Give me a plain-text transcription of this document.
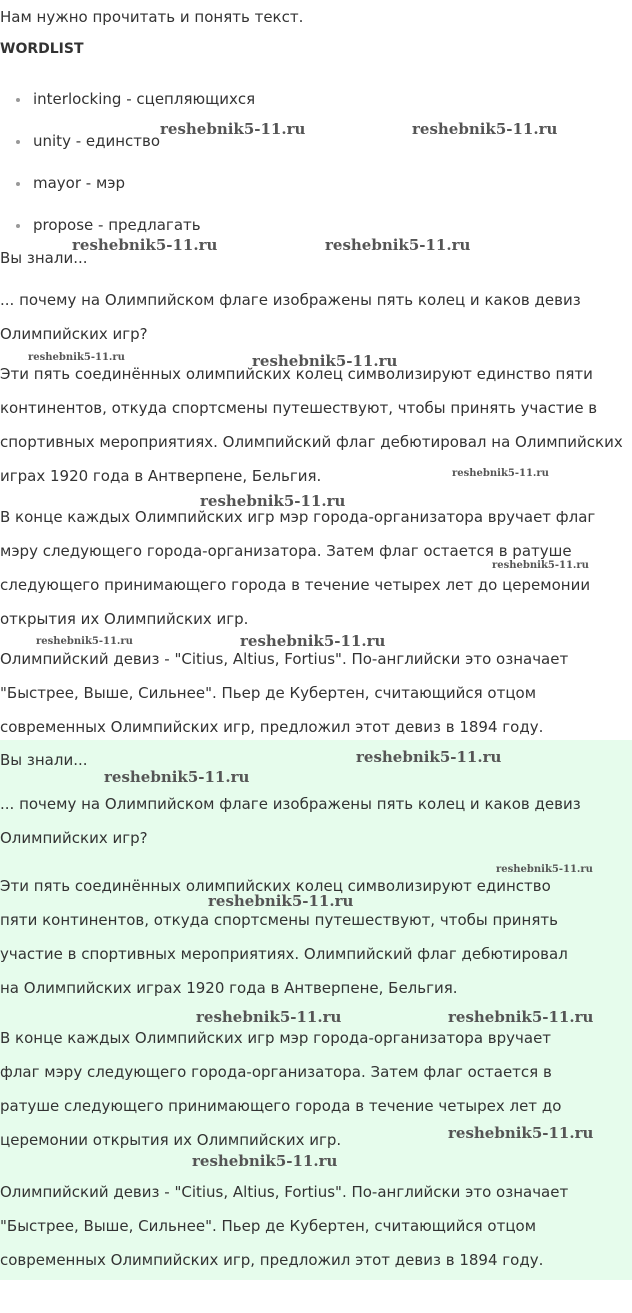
Нам нужно прочитать и понять текст.
WORDLIST
interlocking - сцепляющихся
unity - единство
mayor - мэр
propose - предлагать
Вы знали...
... почему на Олимпийском флаге изображены пять колец и каков девиз
Олимпийских игр?
Эти пять соединённых олимпийских колец символизируют единство пяти
континентов, откуда спортсмены путешествуют, чтобы принять участие в
спортивных мероприятиях. Олимпийский флаг дебютировал на Олимпийских
играх 1920 года в Антверпене, Бельгия.
В конце каждых Олимпийских игр мэр города-организатора вручает флаг
мэру следующего города-организатора. Затем флаг остается в ратуше
следующего принимающего города в течение четырех лет до церемонии
открытия их Олимпийских игр.
Олимпийский девиз - "Citius, Altius, Fortius". По-английски это означает
"Быстрее, Выше, Сильнее". Пьер де Кубертен, считающийся отцом
современных Олимпийских игр, предложил этот девиз в 1894 году.
Вы знали...
... почему на Олимпийском флаге изображены пять колец и каков девиз
Олимпийских игр?
Эти пять соединённых олимпийских колец символизируют единство
пяти континентов, откуда спортсмены путешествуют, чтобы принять
участие в спортивных мероприятиях. Олимпийский флаг дебютировал
на Олимпийских играх 1920 года в Антверпене, Бельгия.
В конце каждых Олимпийских игр мэр города-организатора вручает
флаг мэру следующего города-организатора. Затем флаг остается в
ратуше следующего принимающего города в течение четырех лет до
церемонии открытия их Олимпийских игр.
Олимпийский девиз - "Citius, Altius, Fortius". По-английски это означает
"Быстрее, Выше, Сильнее". Пьер де Кубертен, считающийся отцом
современных Олимпийских игр, предложил этот девиз в 1894 году.
reshebnik5-11.ru	reshebnik5-11.ru
reshebnik5-11.ru	reshebnik5-11.ru
reshebnik5-11.ru	reshebnik5-11.ru
reshebnik5-11.ru
reshebnik5-11.ru
reshebnik5-11.ru
reshebnik5-11.ru	reshebnik5-11.ru
reshebnik5-11.ru
reshebnik5-11.ru
reshebnik5-11.ru
reshebnik5-11.ru
reshebnik5-11.ru	reshebnik5-11.ru
reshebnik5-11.ru
reshebnik5-11.ru
